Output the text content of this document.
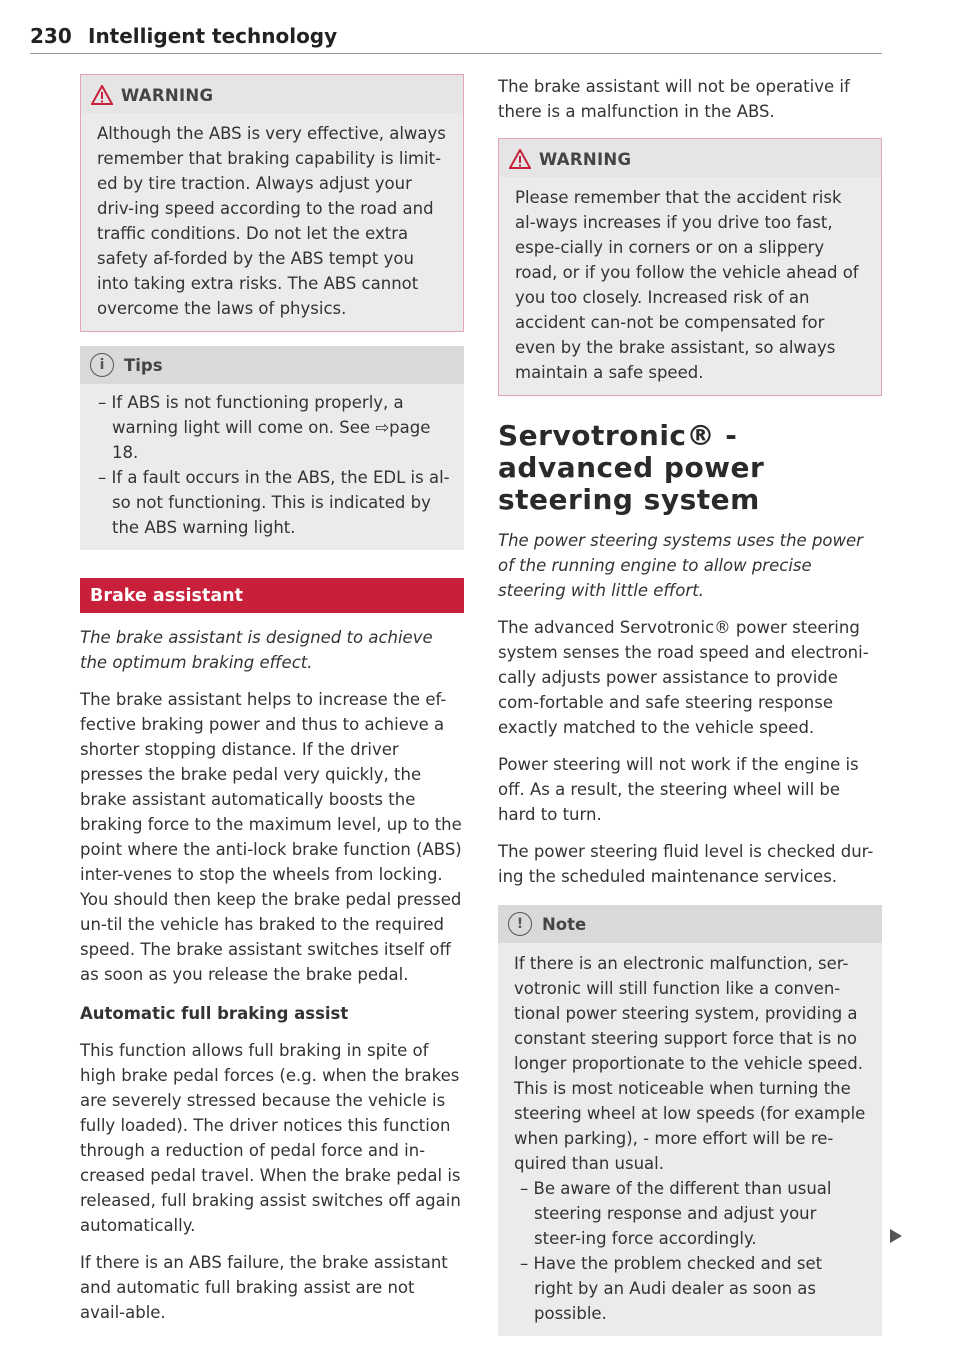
230 Intelligent technology
WARNING

Although the ABS is very effective, always remember that braking capability is limit-ed by tire traction. Always adjust your driv-ing speed according to the road and traffic conditions. Do not let the extra safety af-forded by the ABS tempt you into taking extra risks. The ABS cannot overcome the laws of physics.

i	Tips
– If ABS is not functioning properly, a warning light will come on. See ⇨page 18.
– If a fault occurs in the ABS, the EDL is al-so not functioning. This is indicated by the ABS warning light.
Brake assistant

The brake assistant is designed to achieve the optimum braking effect.

The brake assistant helps to increase the ef-fective braking power and thus to achieve a shorter stopping distance. If the driver presses the brake pedal very quickly, the brake assistant automatically boosts the braking force to the maximum level, up to the point where the anti-lock brake function (ABS) inter-venes to stop the wheels from locking. You should then keep the brake pedal pressed un-til the vehicle has braked to the required speed. The brake assistant switches itself off as soon as you release the brake pedal.

Automatic full braking assist

This function allows full braking in spite of high brake pedal forces (e.g. when the brakes are severely stressed because the vehicle is fully loaded). The driver notices this function through a reduction of pedal force and in-creased pedal travel. When the brake pedal is released, full braking assist switches off again automatically.

If there is an ABS failure, the brake assistant and automatic full braking assist are not avail-able.

The brake assistant will not be operative if there is a malfunction in the ABS.

WARNING

Please remember that the accident risk al-ways increases if you drive too fast, espe-cially in corners or on a slippery road, or if you follow the vehicle ahead of you too closely. Increased risk of an accident can-not be compensated for even by the brake assistant, so always maintain a safe speed.

Servotronic® - advanced power steering system

The power steering systems uses the power of the running engine to allow precise steering with little effort.

The advanced Servotronic® power steering system senses the road speed and electroni-cally adjusts power assistance to provide com-fortable and safe steering response exactly matched to the vehicle speed.

Power steering will not work if the engine is off. As a result, the steering wheel will be hard to turn.

The power steering fluid level is checked dur-ing the scheduled maintenance services.

!	Note

If there is an electronic malfunction, ser-votronic will still function like a conven-tional power steering system, providing a constant steering support force that is no longer proportionate to the vehicle speed. This is most noticeable when turning the steering wheel at low speeds (for example when parking), - more effort will be re-quired than usual.

– Be aware of the different than usual steering response and adjust your steer-ing force accordingly.
– Have the problem checked and set right by an Audi dealer as soon as possible.
